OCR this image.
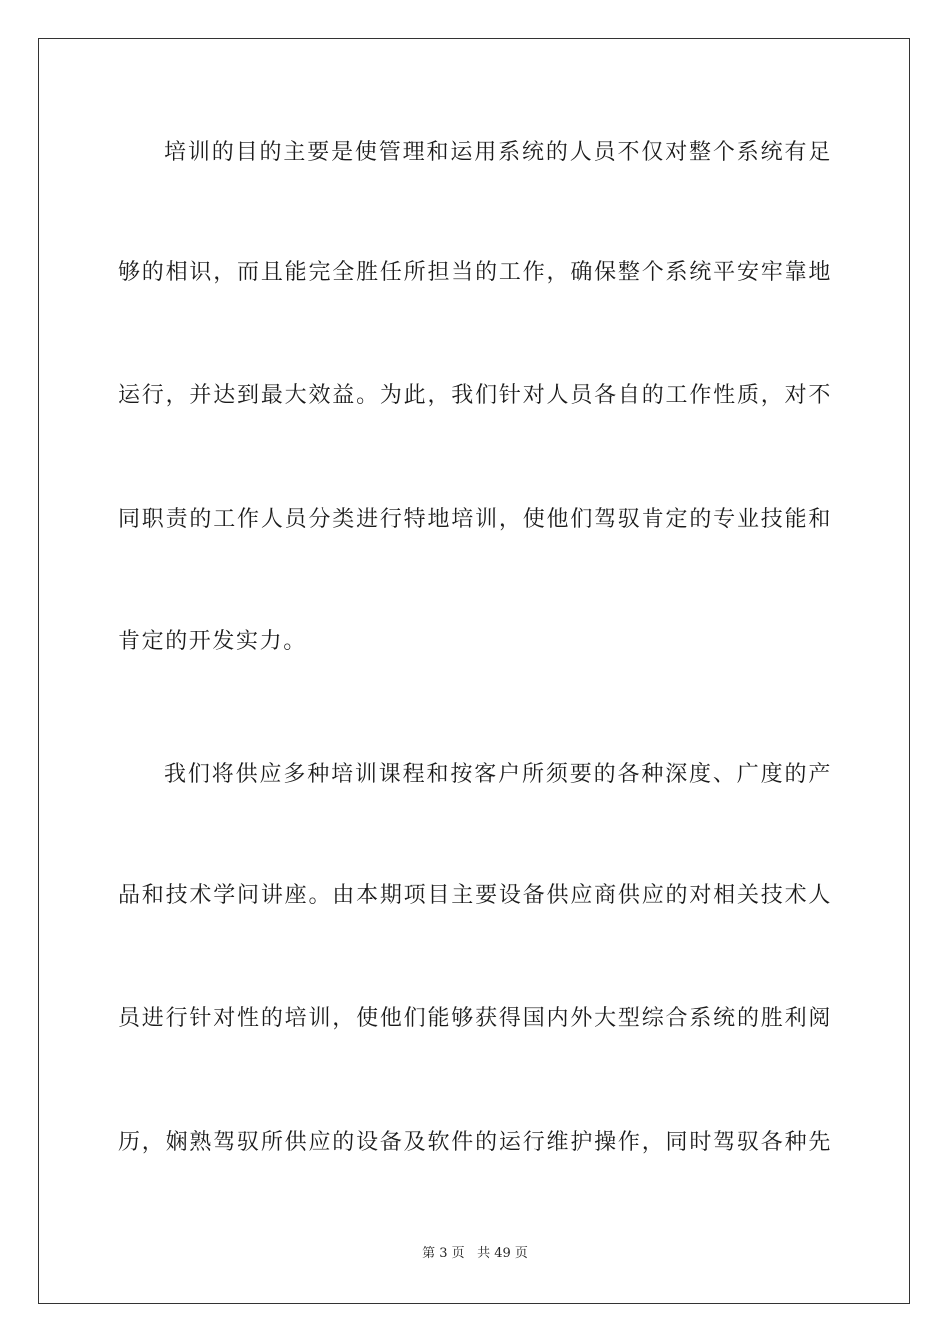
培训的目的主要是使管理和运用系统的人员不仅对整个系统有足
够的相识，而且能完全胜任所担当的工作，确保整个系统平安牢靠地
运行，并达到最大效益。为此，我们针对人员各自的工作性质，对不
同职责的工作人员分类进行特地培训，使他们驾驭肯定的专业技能和
肯定的开发实力。
我们将供应多种培训课程和按客户所须要的各种深度、广度的产
品和技术学问讲座。由本期项目主要设备供应商供应的对相关技术人
员进行针对性的培训，使他们能够获得国内外大型综合系统的胜利阅
历，娴熟驾驭所供应的设备及软件的运行维护操作，同时驾驭各种先
第 3 页 共 49 页
